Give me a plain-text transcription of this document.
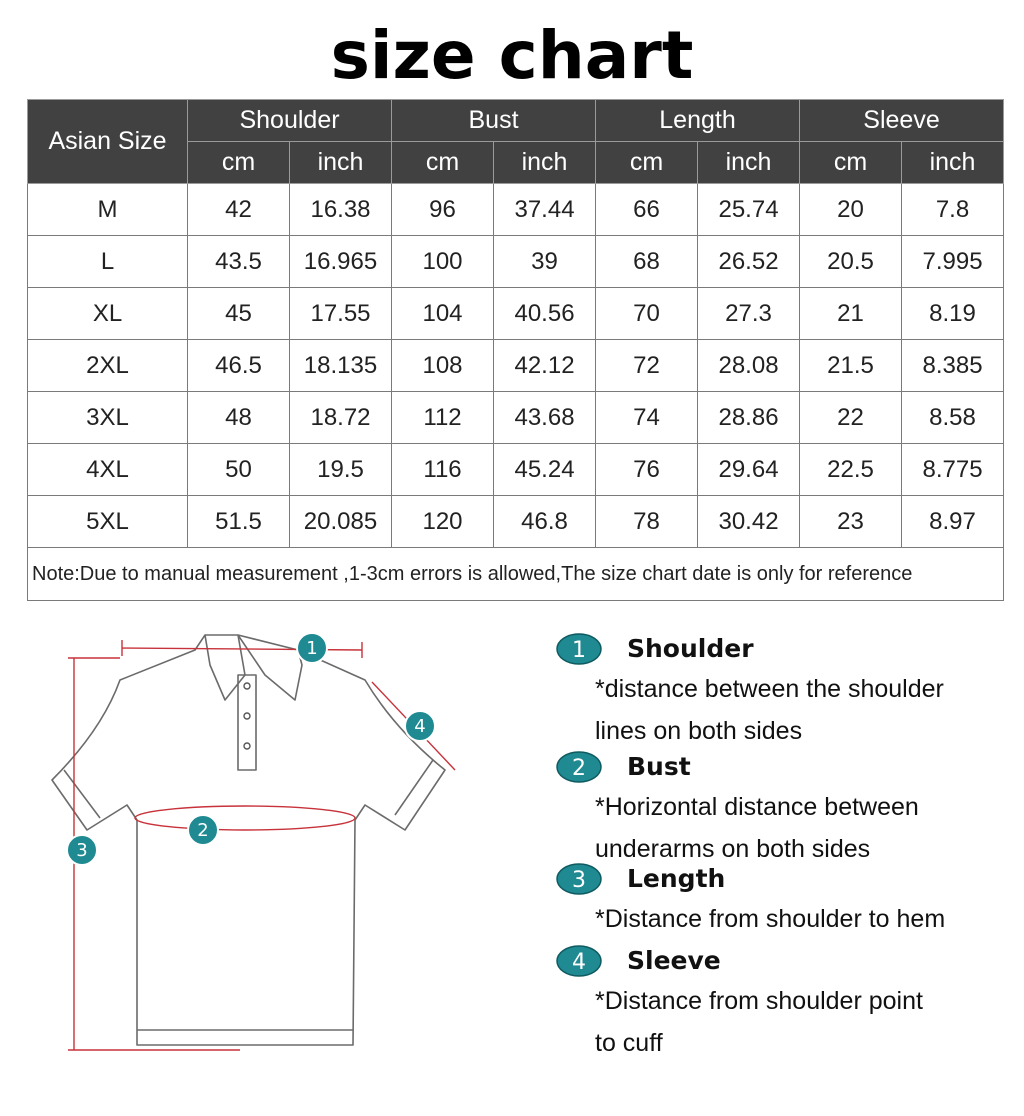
size chart
Asian Size	Shoulder		Bust		Length		Sleeve	
	cm	inch	cm	inch	cm	inch	cm	inch
M	42	16.38	96	37.44	66	25.74	20	7.8
L	43.5	16.965	100	39	68	26.52	20.5	7.995
XL	45	17.55	104	40.56	70	27.3	21	8.19
2XL	46.5	18.135	108	42.12	72	28.08	21.5	8.385
3XL	48	18.72	112	43.68	74	28.86	22	8.58
4XL	50	19.5	116	45.24	76	29.64	22.5	8.775
5XL	51.5	20.085	120	46.8	78	30.42	23	8.97
Note:Due to manual measurement ,1-3cm errors is allowed,The size chart date is only for reference								
1
2
3
4
1 Shoulder
*distance between the shoulder
lines on both sides
2 Bust
*Horizontal distance between
underarms on both sides
3 Length
*Distance from shoulder to hem
4 Sleeve
*Distance from shoulder point
to cuff
